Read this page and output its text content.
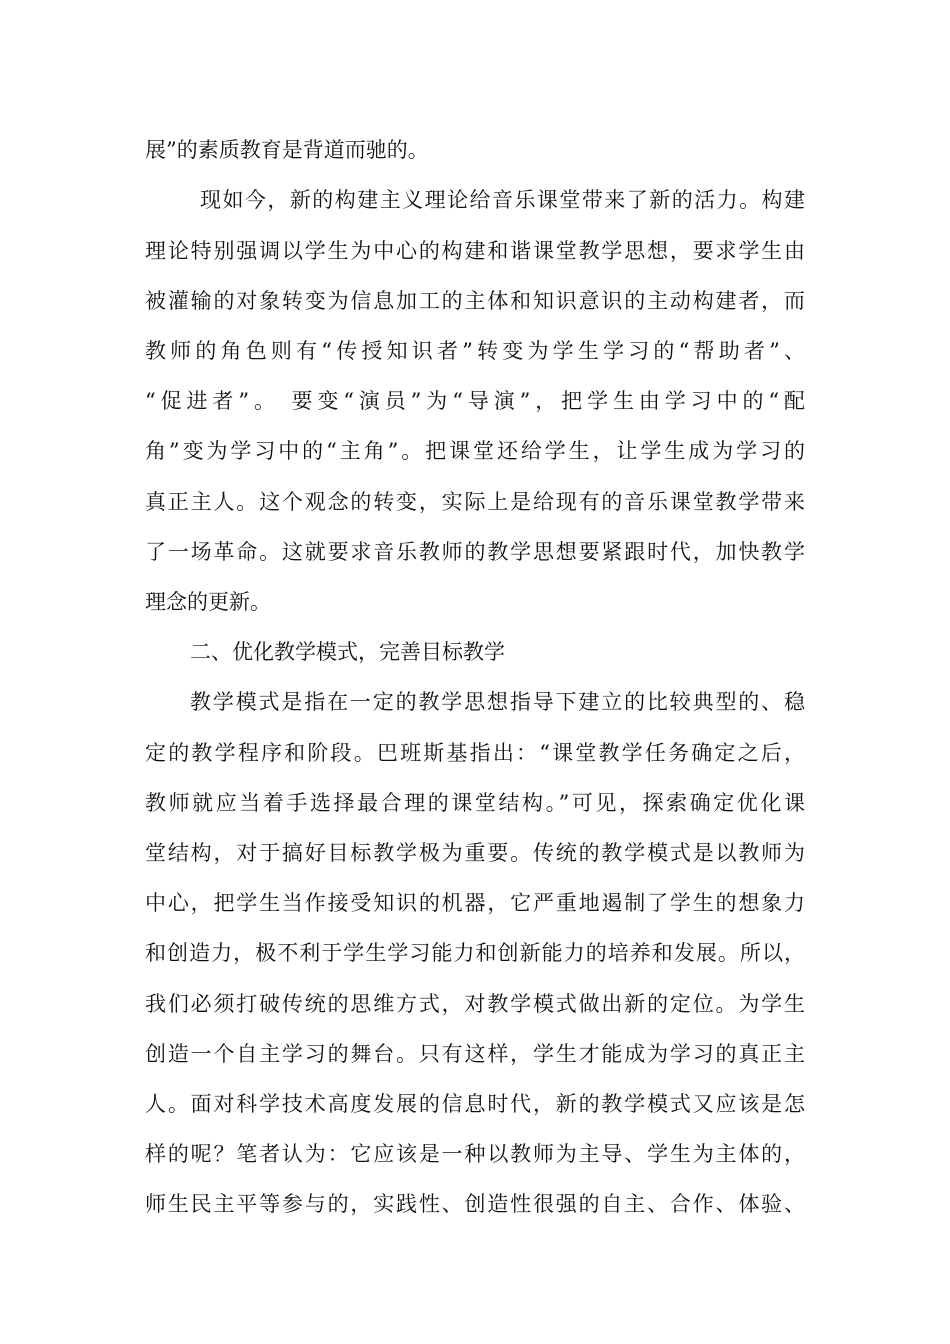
展”的素质教育是背道而驰的。
现如今，新的构建主义理论给音乐课堂带来了新的活力。构建
理论特别强调以学生为中心的构建和谐课堂教学思想，要求学生由
被灌输的对象转变为信息加工的主体和知识意识的主动构建者，而
教师的角色则有“传授知识者”转变为学生学习的“帮助者”、
“促进者”。 要变“演员”为“导演”，把学生由学习中的“配
角”变为学习中的“主角”。把课堂还给学生，让学生成为学习的
真正主人。这个观念的转变，实际上是给现有的音乐课堂教学带来
了一场革命。这就要求音乐教师的教学思想要紧跟时代，加快教学
理念的更新。
二、优化教学模式，完善目标教学
教学模式是指在一定的教学思想指导下建立的比较典型的、稳
定的教学程序和阶段。巴班斯基指出：“课堂教学任务确定之后，
教师就应当着手选择最合理的课堂结构。”可见，探索确定优化课
堂结构，对于搞好目标教学极为重要。传统的教学模式是以教师为
中心，把学生当作接受知识的机器，它严重地遏制了学生的想象力
和创造力，极不利于学生学习能力和创新能力的培养和发展。所以，
我们必须打破传统的思维方式，对教学模式做出新的定位。为学生
创造一个自主学习的舞台。只有这样，学生才能成为学习的真正主
人。面对科学技术高度发展的信息时代，新的教学模式又应该是怎
样的呢？笔者认为：它应该是一种以教师为主导、学生为主体的，
师生民主平等参与的，实践性、创造性很强的自主、合作、体验、
